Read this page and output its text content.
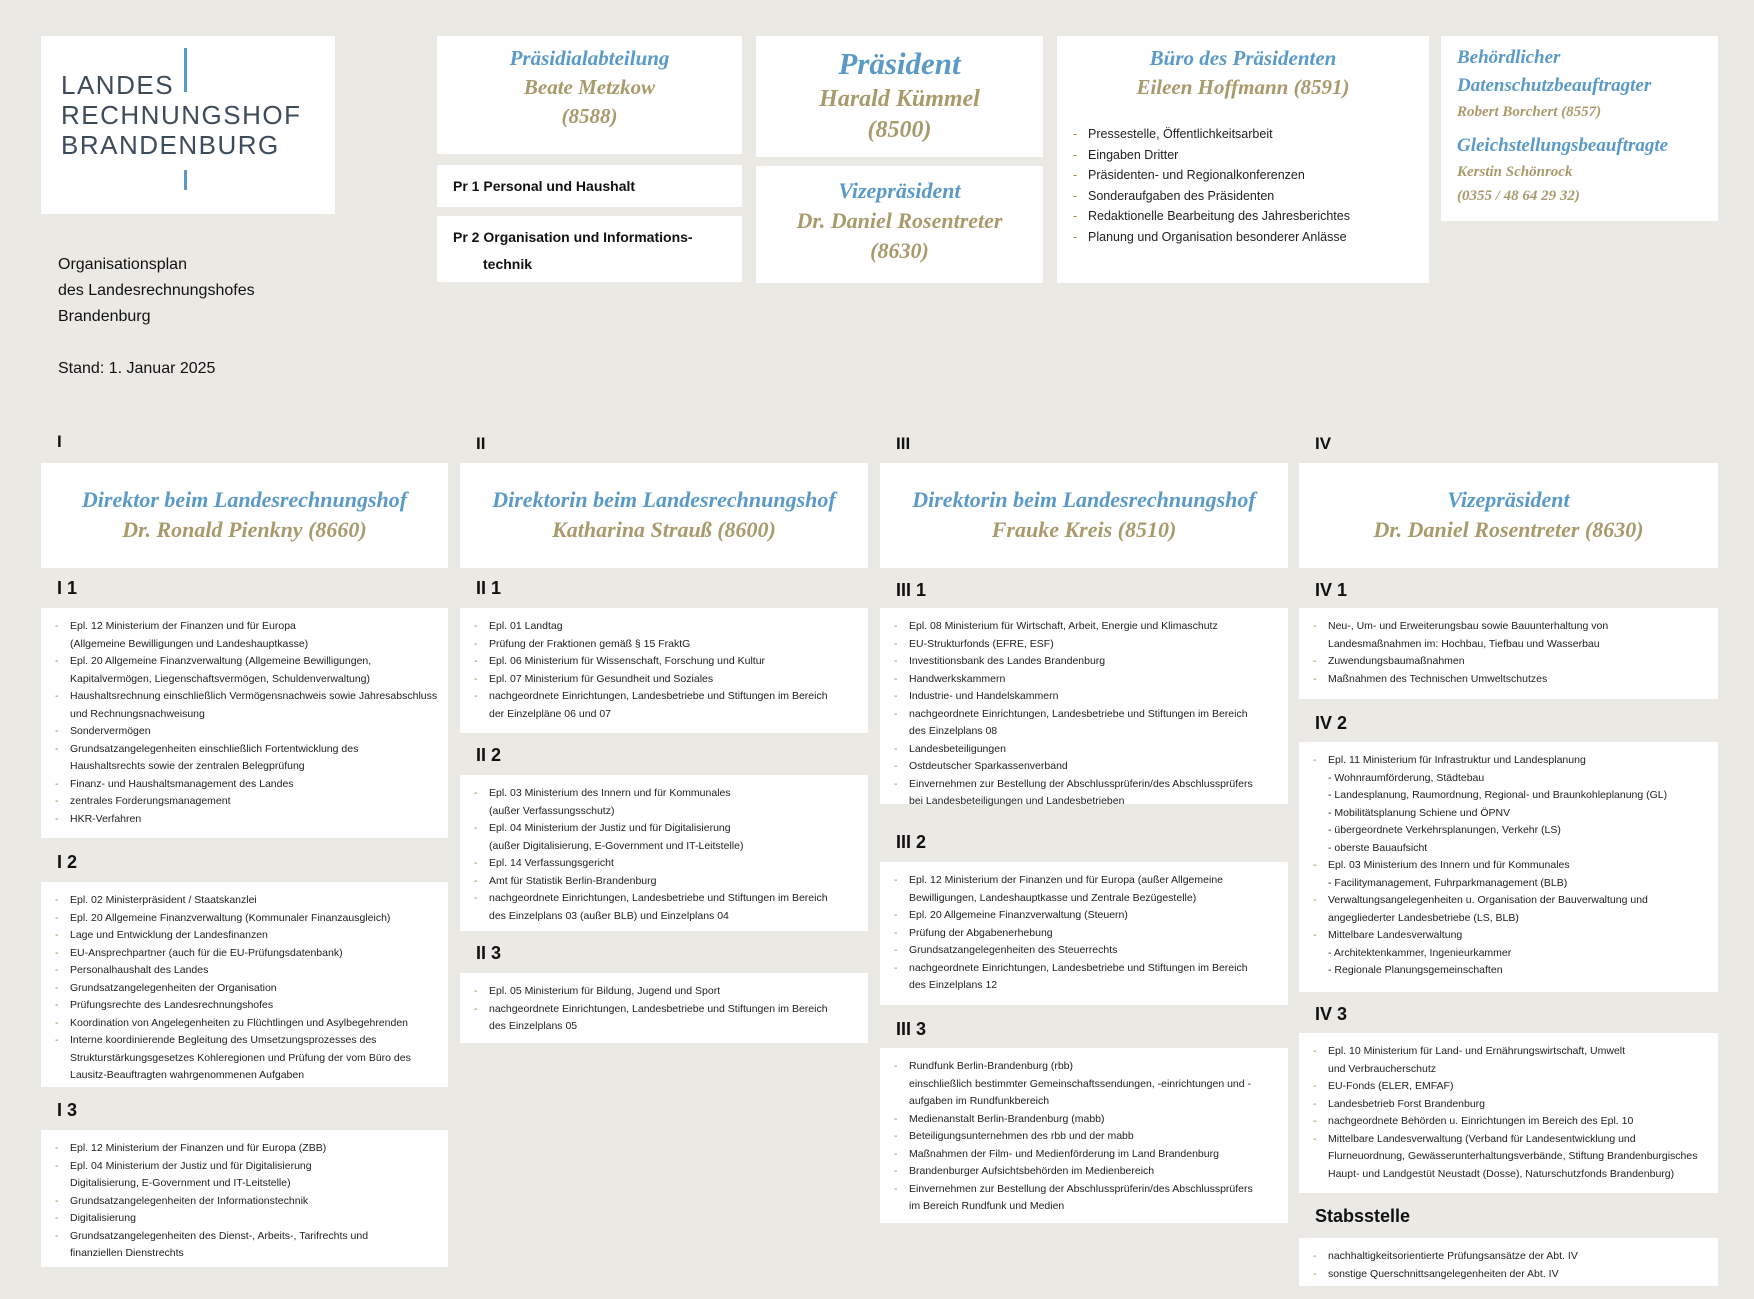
LANDES
RECHNUNGSHOF
BRANDENBURG
Organisationsplan
des Landesrechnungshofes
Brandenburg
Stand: 1. Januar 2025
Präsidialabteilung
Beate Metzkow
(8588)
Pr 1 Personal und Haushalt
Pr 2 Organisation und Informations-
technik
Präsident
Harald Kümmel
(8500)
Vizepräsident
Dr. Daniel Rosentreter
(8630)
Büro des Präsidenten
Eileen Hoffmann (8591)
- Pressestelle, Öffentlichkeitsarbeit
- Eingaben Dritter
- Präsidenten- und Regionalkonferenzen
- Sonderaufgaben des Präsidenten
- Redaktionelle Bearbeitung des Jahresberichtes
- Planung und Organisation besonderer Anlässe
Behördlicher
Datenschutzbeauftragter
Robert Borchert (8557)
Gleichstellungsbeauftragte
Kerstin Schönrock
(0355 / 48 64 29 32)
I
Direktor beim Landesrechnungshof
Dr. Ronald Pienkny (8660)
I 1
- Epl. 12 Ministerium der Finanzen und für Europa
(Allgemeine Bewilligungen und Landeshauptkasse)
- Epl. 20 Allgemeine Finanzverwaltung (Allgemeine Bewilligungen,
Kapitalvermögen, Liegenschaftsvermögen, Schuldenverwaltung)
- Haushaltsrechnung einschließlich Vermögensnachweis sowie Jahresabschluss
und Rechnungsnachweisung
- Sondervermögen
- Grundsatzangelegenheiten einschließlich Fortentwicklung des
Haushaltsrechts sowie der zentralen Belegprüfung
- Finanz- und Haushaltsmanagement des Landes
- zentrales Forderungsmanagement
- HKR-Verfahren
I 2
- Epl. 02 Ministerpräsident / Staatskanzlei
- Epl. 20 Allgemeine Finanzverwaltung (Kommunaler Finanzausgleich)
- Lage und Entwicklung der Landesfinanzen
- EU-Ansprechpartner (auch für die EU-Prüfungsdatenbank)
- Personalhaushalt des Landes
- Grundsatzangelegenheiten der Organisation
- Prüfungsrechte des Landesrechnungshofes
- Koordination von Angelegenheiten zu Flüchtlingen und Asylbegehrenden
- Interne koordinierende Begleitung des Umsetzungsprozesses des
Strukturstärkungsgesetzes Kohleregionen und Prüfung der vom Büro des
Lausitz-Beauftragten wahrgenommenen Aufgaben
I 3
- Epl. 12 Ministerium der Finanzen und für Europa (ZBB)
- Epl. 04 Ministerium der Justiz und für Digitalisierung
Digitalisierung, E-Government und IT-Leitstelle)
- Grundsatzangelegenheiten der Informationstechnik
- Digitalisierung
- Grundsatzangelegenheiten des Dienst-, Arbeits-, Tarifrechts und
finanziellen Dienstrechts
II
Direktorin beim Landesrechnungshof
Katharina Strauß (8600)
II 1
- Epl. 01 Landtag
- Prüfung der Fraktionen gemäß § 15 FraktG
- Epl. 06 Ministerium für Wissenschaft, Forschung und Kultur
- Epl. 07 Ministerium für Gesundheit und Soziales
- nachgeordnete Einrichtungen, Landesbetriebe und Stiftungen im Bereich
der Einzelpläne 06 und 07
II 2
- Epl. 03 Ministerium des Innern und für Kommunales
(außer Verfassungsschutz)
- Epl. 04 Ministerium der Justiz und für Digitalisierung
(außer Digitalisierung, E-Government und IT-Leitstelle)
- Epl. 14 Verfassungsgericht
- Amt für Statistik Berlin-Brandenburg
- nachgeordnete Einrichtungen, Landesbetriebe und Stiftungen im Bereich
des Einzelplans 03 (außer BLB) und Einzelplans 04
II 3
- Epl. 05 Ministerium für Bildung, Jugend und Sport
- nachgeordnete Einrichtungen, Landesbetriebe und Stiftungen im Bereich
des Einzelplans 05
III
Direktorin beim Landesrechnungshof
Frauke Kreis (8510)
III 1
- Epl. 08 Ministerium für Wirtschaft, Arbeit, Energie und Klimaschutz
- EU-Strukturfonds (EFRE, ESF)
- Investitionsbank des Landes Brandenburg
- Handwerkskammern
- Industrie- und Handelskammern
- nachgeordnete Einrichtungen, Landesbetriebe und Stiftungen im Bereich
des Einzelplans 08
- Landesbeteiligungen
- Ostdeutscher Sparkassenverband
- Einvernehmen zur Bestellung der Abschlussprüferin/des Abschlussprüfers
bei Landesbeteiligungen und Landesbetrieben
III 2
- Epl. 12 Ministerium der Finanzen und für Europa (außer Allgemeine
Bewilligungen, Landeshauptkasse und Zentrale Bezügestelle)
- Epl. 20 Allgemeine Finanzverwaltung (Steuern)
- Prüfung der Abgabenerhebung
- Grundsatzangelegenheiten des Steuerrechts
- nachgeordnete Einrichtungen, Landesbetriebe und Stiftungen im Bereich
des Einzelplans 12
III 3
- Rundfunk Berlin-Brandenburg (rbb)
einschließlich bestimmter Gemeinschaftssendungen, -einrichtungen und -
aufgaben im Rundfunkbereich
- Medienanstalt Berlin-Brandenburg (mabb)
- Beteiligungsunternehmen des rbb und der mabb
- Maßnahmen der Film- und Medienförderung im Land Brandenburg
- Brandenburger Aufsichtsbehörden im Medienbereich
- Einvernehmen zur Bestellung der Abschlussprüferin/des Abschlussprüfers
im Bereich Rundfunk und Medien
IV
Vizepräsident
Dr. Daniel Rosentreter (8630)
IV 1
- Neu-, Um- und Erweiterungsbau sowie Bauunterhaltung von
Landesmaßnahmen im: Hochbau, Tiefbau und Wasserbau
- Zuwendungsbaumaßnahmen
- Maßnahmen des Technischen Umweltschutzes
IV 2
- Epl. 11 Ministerium für Infrastruktur und Landesplanung
- Wohnraumförderung, Städtebau
- Landesplanung, Raumordnung, Regional- und Braunkohleplanung (GL)
- Mobilitätsplanung Schiene und ÖPNV
- übergeordnete Verkehrsplanungen, Verkehr (LS)
- oberste Bauaufsicht
- Epl. 03 Ministerium des Innern und für Kommunales
- Facilitymanagement, Fuhrparkmanagement (BLB)
- Verwaltungsangelegenheiten u. Organisation der Bauverwaltung und
angegliederter Landesbetriebe (LS, BLB)
- Mittelbare Landesverwaltung
- Architektenkammer, Ingenieurkammer
- Regionale Planungsgemeinschaften
IV 3
- Epl. 10 Ministerium für Land- und Ernährungswirtschaft, Umwelt
und Verbraucherschutz
- EU-Fonds (ELER, EMFAF)
- Landesbetrieb Forst Brandenburg
- nachgeordnete Behörden u. Einrichtungen im Bereich des Epl. 10
- Mittelbare Landesverwaltung (Verband für Landesentwicklung und
Flurneuordnung, Gewässerunterhaltungsverbände, Stiftung Brandenburgisches
Haupt- und Landgestüt Neustadt (Dosse), Naturschutzfonds Brandenburg)
Stabsstelle
- nachhaltigkeitsorientierte Prüfungsansätze der Abt. IV
- sonstige Querschnittsangelegenheiten der Abt. IV
